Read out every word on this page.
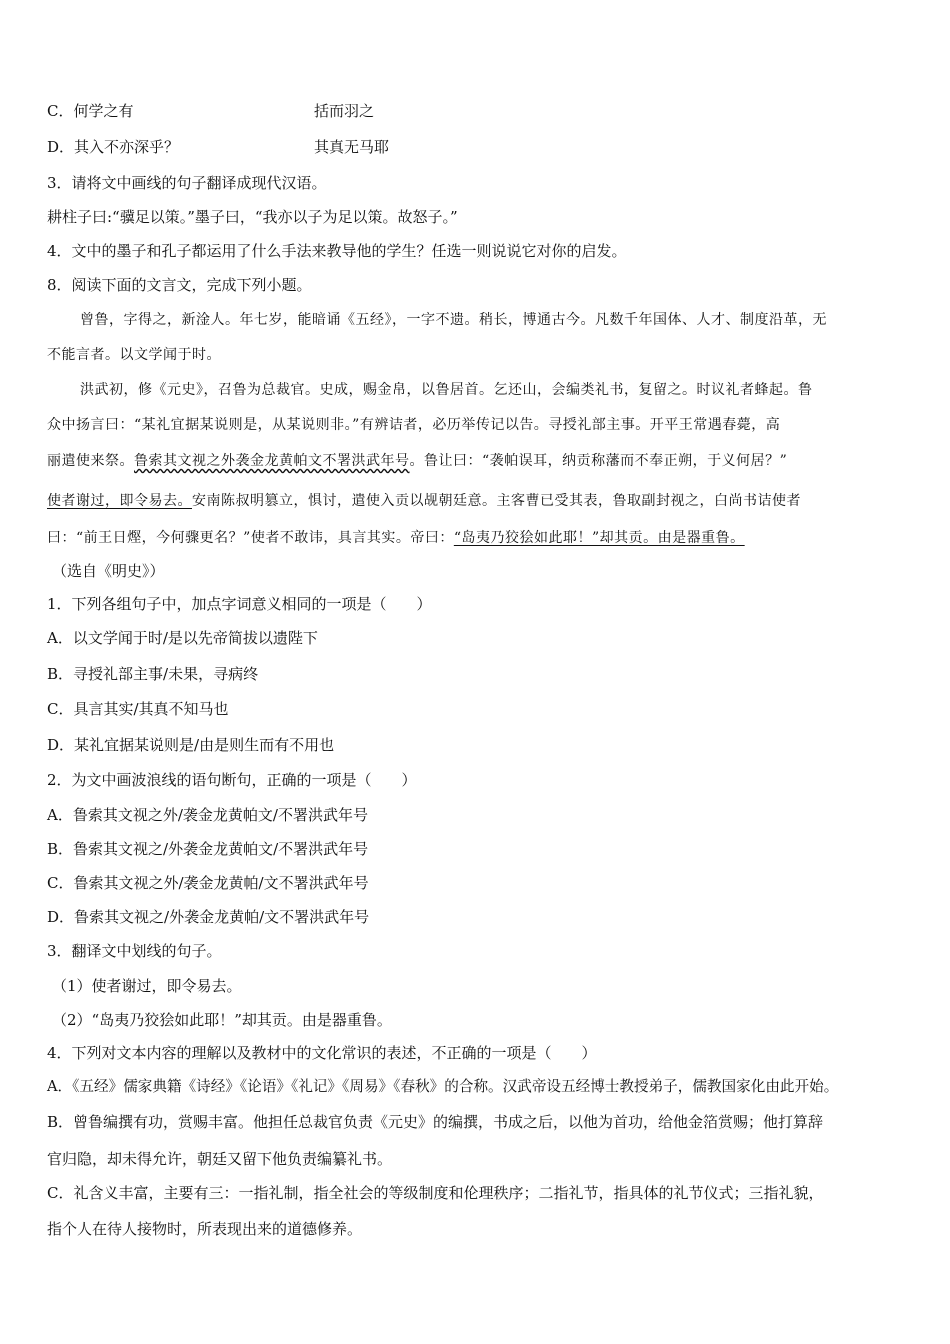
C．何学之有	括而羽之
D．其入不亦深乎？	其真无马耶
3．请将文中画线的句子翻译成现代汉语。
耕柱子曰:“骥足以策。”墨子曰，“我亦以子为足以策。故怒子。”
4．文中的墨子和孔子都运用了什么手法来教导他的学生？任选一则说说它对你的启发。
8．阅读下面的文言文，完成下列小题。
曾鲁，字得之，新淦人。年七岁，能暗诵《五经》，一字不遗。稍长，博通古今。凡数千年国体、人才、制度沿革，无
不能言者。以文学闻于时。
洪武初，修《元史》，召鲁为总裁官。史成，赐金帛，以鲁居首。乞还山，会编类礼书，复留之。时议礼者蜂起。鲁
众中扬言曰：“某礼宜据某说则是，从某说则非。”有辨诘者，必历举传记以告。寻授礼部主事。开平王常遇春薨，高
丽遣使来祭。鲁索其文视之外袭金龙黄帕文不署洪武年号。鲁让曰：“袭帕误耳，纳贡称藩而不奉正朔，于义何居？”
使者谢过，即令易去。安南陈叔明篡立，惧讨，遣使入贡以觇朝廷意。主客曹已受其表，鲁取副封视之，白尚书诘使者
曰：“前王日熞，今何骤更名？”使者不敢讳，具言其实。帝曰：“岛夷乃狡狯如此耶！”却其贡。由是器重鲁。
（选自《明史》）
1．下列各组句子中，加点字词意义相同的一项是（　　）
A．以文学闻于时/是以先帝简拔以遗陛下
B．寻授礼部主事/未果，寻病终
C．具言其实/其真不知马也
D．某礼宜据某说则是/由是则生而有不用也
2．为文中画波浪线的语句断句，正确的一项是（　　）
A．鲁索其文视之外/袭金龙黄帕文/不署洪武年号
B．鲁索其文视之/外袭金龙黄帕文/不署洪武年号
C．鲁索其文视之外/袭金龙黄帕/文不署洪武年号
D．鲁索其文视之/外袭金龙黄帕/文不署洪武年号
3．翻译文中划线的句子。
（1）使者谢过，即令易去。
（2）“岛夷乃狡狯如此耶！”却其贡。由是器重鲁。
4．下列对文本内容的理解以及教材中的文化常识的表述，不正确的一项是（　　）
A．《五经》儒家典籍《诗经》《论语》《礼记》《周易》《春秋》的合称。汉武帝设五经博士教授弟子，儒教国家化由此开始。
B．曾鲁编撰有功，赏赐丰富。他担任总裁官负责《元史》的编撰，书成之后，以他为首功，给他金箔赏赐；他打算辞
官归隐，却未得允许，朝廷又留下他负责编纂礼书。
C．礼含义丰富，主要有三：一指礼制，指全社会的等级制度和伦理秩序；二指礼节，指具体的礼节仪式；三指礼貌，
指个人在待人接物时，所表现出来的道德修养。
